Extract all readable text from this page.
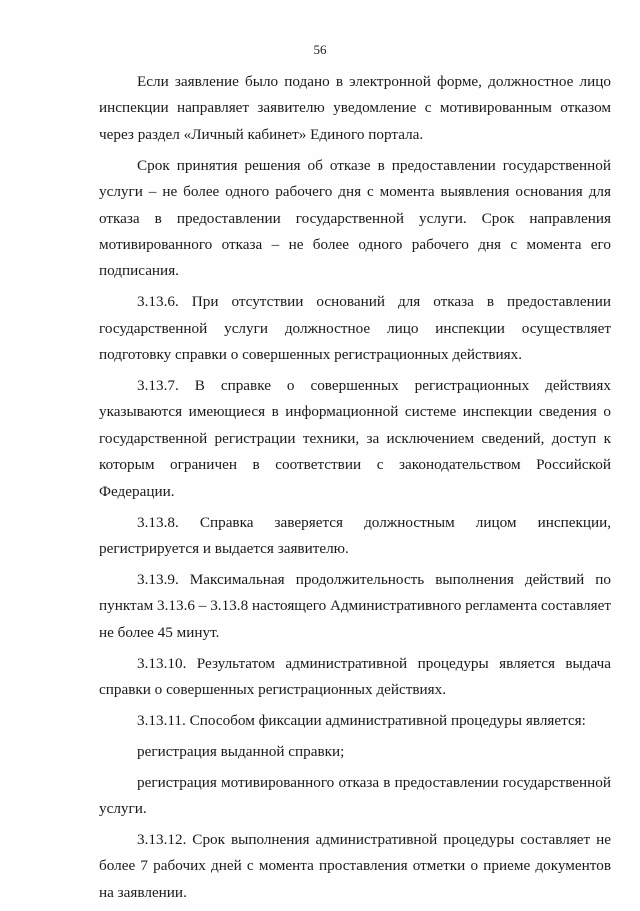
56

Если заявление было подано в электронной форме, должностное лицо инспекции направляет заявителю уведомление с мотивированным отказом через раздел «Личный кабинет» Единого портала.

Срок принятия решения об отказе в предоставлении государственной услуги – не более одного рабочего дня с момента выявления основания для отказа в предоставлении государственной услуги. Срок направления мотивированного отказа – не более одного рабочего дня с момента его подписания.

3.13.6. При отсутствии оснований для отказа в предоставлении государственной услуги должностное лицо инспекции осуществляет подготовку справки о совершенных регистрационных действиях.

3.13.7. В справке о совершенных регистрационных действиях указываются имеющиеся в информационной системе инспекции сведения о государственной регистрации техники, за исключением сведений, доступ к которым ограничен в соответствии с законодательством Российской Федерации.

3.13.8. Справка заверяется должностным лицом инспекции, регистрируется и выдается заявителю.

3.13.9. Максимальная продолжительность выполнения действий по пунктам 3.13.6 – 3.13.8 настоящего Административного регламента составляет не более 45 минут.

3.13.10. Результатом административной процедуры является выдача справки о совершенных регистрационных действиях.

3.13.11. Способом фиксации административной процедуры является:

регистрация выданной справки;

регистрация мотивированного отказа в предоставлении государственной услуги.

3.13.12. Срок выполнения административной процедуры составляет не более 7 рабочих дней с момента проставления отметки о приеме документов на заявлении.
